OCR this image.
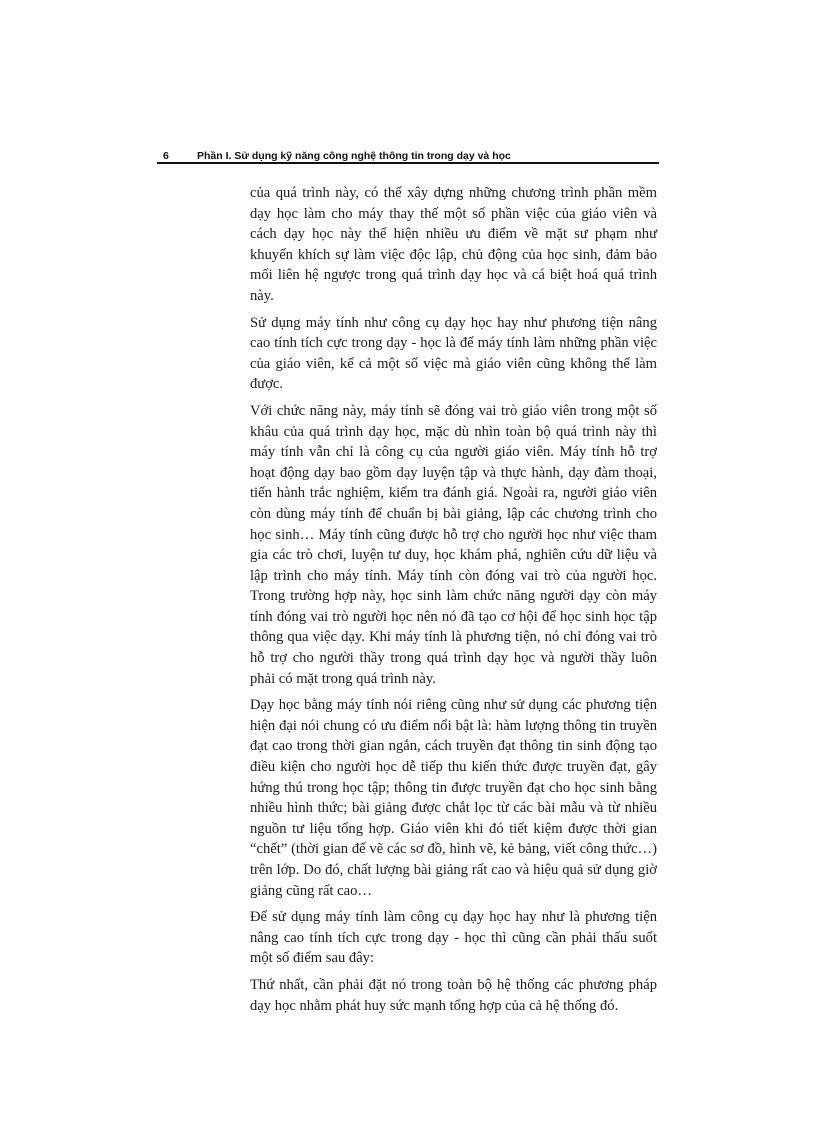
6	Phần I. Sử dụng kỹ năng công nghệ thông tin trong dạy và học

của quá trình này, có thể xây dựng những chương trình phần mềm dạy học làm cho máy thay thế một số phần việc của giáo viên và cách dạy học này thể hiện nhiều ưu điểm về mặt sư phạm như khuyến khích sự làm việc độc lập, chủ động của học sinh, đảm bảo mối liên hệ ngược trong quá trình dạy học và cá biệt hoá quá trình này.

Sử dụng máy tính như công cụ dạy học hay như phương tiện nâng cao tính tích cực trong dạy - học là để máy tính làm những phần việc của giáo viên, kể cả một số việc mà giáo viên cũng không thể làm được.

Với chức năng này, máy tính sẽ đóng vai trò giáo viên trong một số khâu của quá trình dạy học, mặc dù nhìn toàn bộ quá trình này thì máy tính vẫn chỉ là công cụ của người giáo viên. Máy tính hỗ trợ hoạt động dạy bao gồm dạy luyện tập và thực hành, dạy đàm thoại, tiến hành trắc nghiệm, kiểm tra đánh giá. Ngoài ra, người giáo viên còn dùng máy tính để chuẩn bị bài giảng, lập các chương trình cho học sinh… Máy tính cũng được hỗ trợ cho người học như việc tham gia các trò chơi, luyện tư duy, học khám phá, nghiên cứu dữ liệu và lập trình cho máy tính. Máy tính còn đóng vai trò của người học. Trong trường hợp này, học sinh làm chức năng người dạy còn máy tính đóng vai trò người học nên nó đã tạo cơ hội để học sinh học tập thông qua việc dạy. Khi máy tính là phương tiện, nó chỉ đóng vai trò hỗ trợ cho người thầy trong quá trình dạy học và người thầy luôn phải có mặt trong quá trình này.

Dạy học bằng máy tính nói riêng cũng như sử dụng các phương tiện hiện đại nói chung có ưu điểm nổi bật là: hàm lượng thông tin truyền đạt cao trong thời gian ngắn, cách truyền đạt thông tin sinh động tạo điều kiện cho người học dễ tiếp thu kiến thức được truyền đạt, gây hứng thú trong học tập; thông tin được truyền đạt cho học sinh bằng nhiều hình thức; bài giảng được chắt lọc từ các bài mẫu và từ nhiều nguồn tư liệu tổng hợp. Giáo viên khi đó tiết kiệm được thời gian “chết” (thời gian để vẽ các sơ đồ, hình vẽ, kẻ bảng, viết công thức…) trên lớp. Do đó, chất lượng bài giảng rất cao và hiệu quả sử dụng giờ giảng cũng rất cao…

Để sử dụng máy tính làm công cụ dạy học hay như là phương tiện nâng cao tính tích cực trong dạy - học thì cũng cần phải thấu suốt một số điểm sau đây:

Thứ nhất, cần phải đặt nó trong toàn bộ hệ thống các phương pháp dạy học nhằm phát huy sức mạnh tổng hợp của cả hệ thống đó.
